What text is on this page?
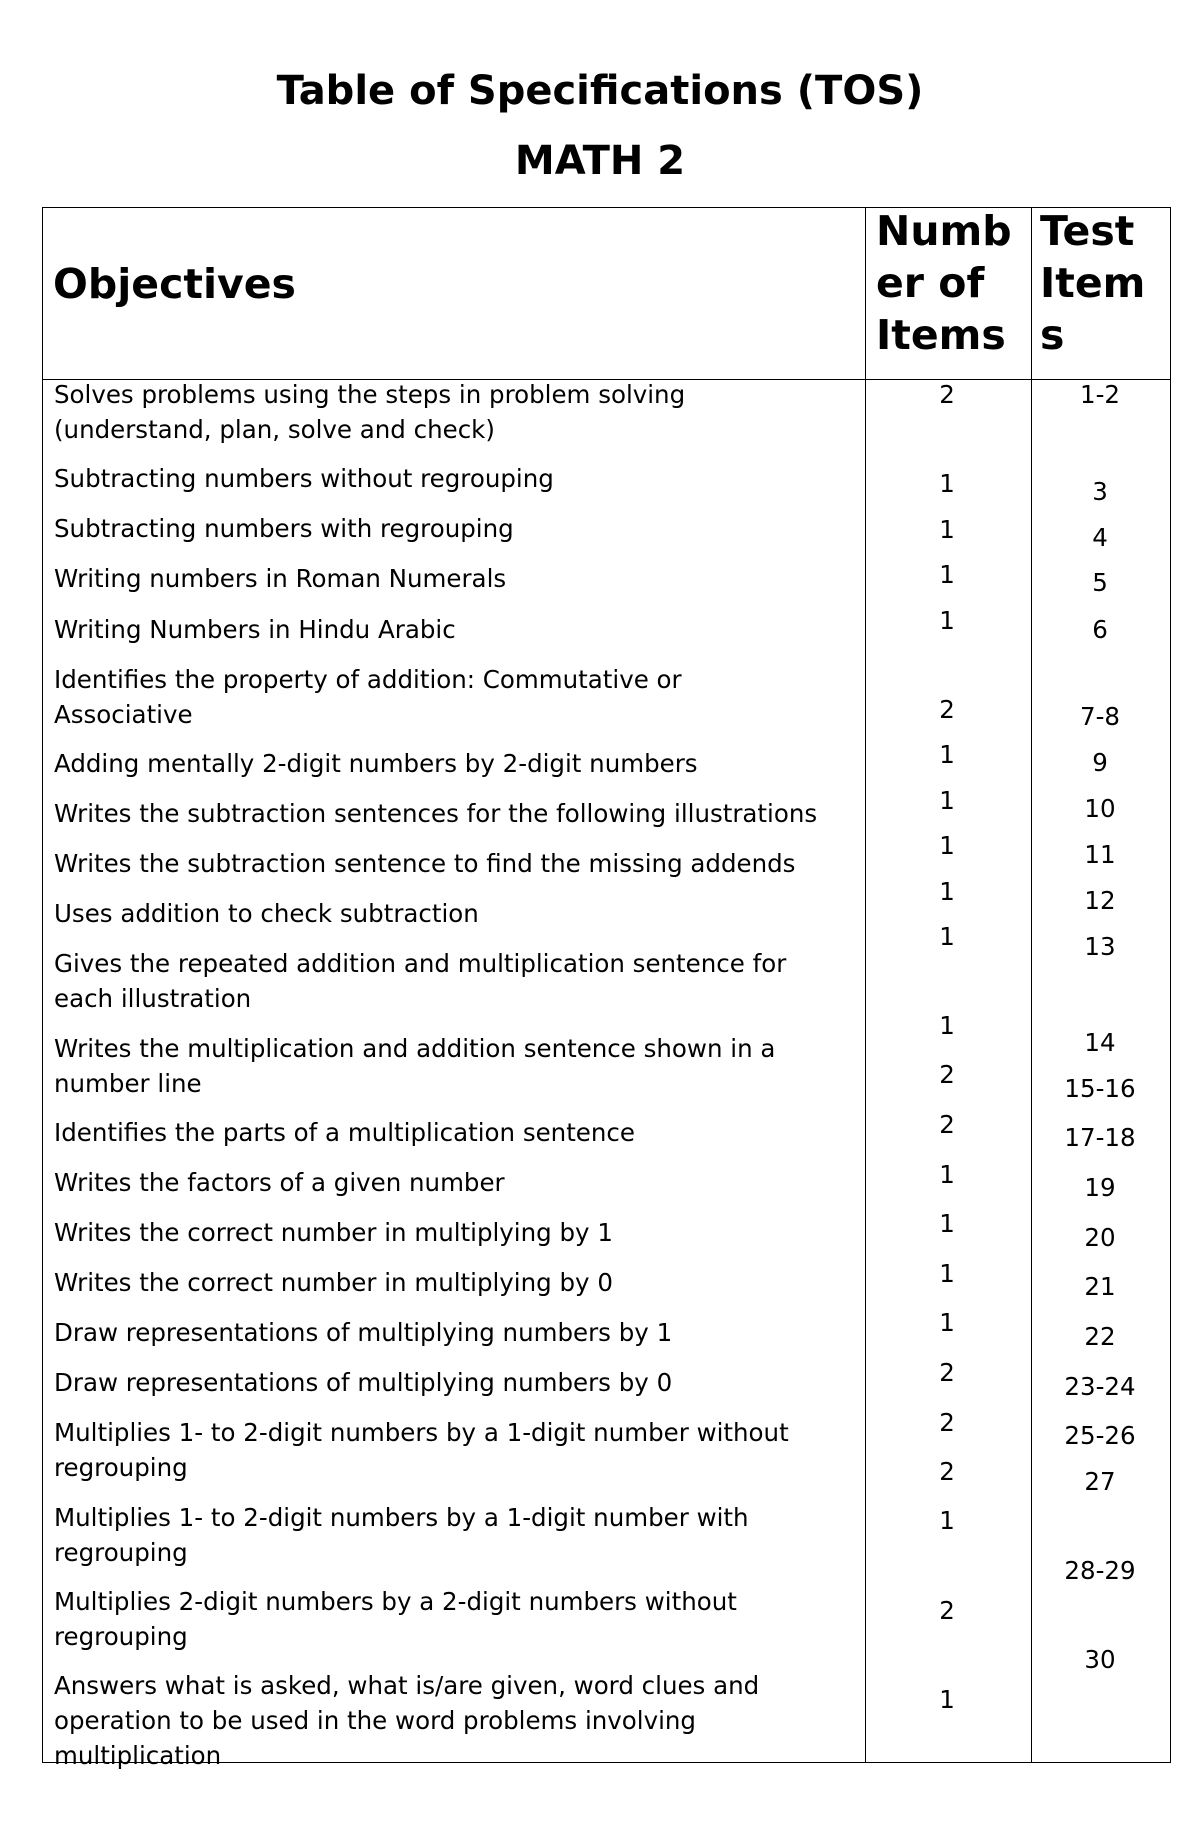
Table of Specifications (TOS)
MATH 2
Objectives
Numb
er of
Items
Test
Item
s
Solves problems using the steps in problem solving
(understand, plan, solve and check)
Subtracting numbers without regrouping
Subtracting numbers with regrouping
Writing numbers in Roman Numerals
Writing Numbers in Hindu Arabic
Identifies the property of addition: Commutative or
Associative
Adding mentally 2-digit numbers by 2-digit numbers
Writes the subtraction sentences for the following illustrations
Writes the subtraction sentence to find the missing addends
Uses addition to check subtraction
Gives the repeated addition and multiplication sentence for
each illustration
Writes the multiplication and addition sentence shown in a
number line
Identifies the parts of a multiplication sentence
Writes the factors of a given number
Writes the correct number in multiplying by 1
Writes the correct number in multiplying by 0
Draw representations of multiplying numbers by 1
Draw representations of multiplying numbers by 0
Multiplies 1- to 2-digit numbers by a 1-digit number without
regrouping
Multiplies 1- to 2-digit numbers by a 1-digit number with
regrouping
Multiplies 2-digit numbers by a 2-digit numbers without
regrouping
Answers what is asked, what is/are given, word clues and
operation to be used in the word problems involving
multiplication
2
1
1
1
1
2
1
1
1
1
1
1
2
2
1
1
1
1
2
2
2
1
2
1
1-2
3
4
5
6
7-8
9
10
11
12
13
14
15-16
17-18
19
20
21
22
23-24
25-26
27
28-29
30
